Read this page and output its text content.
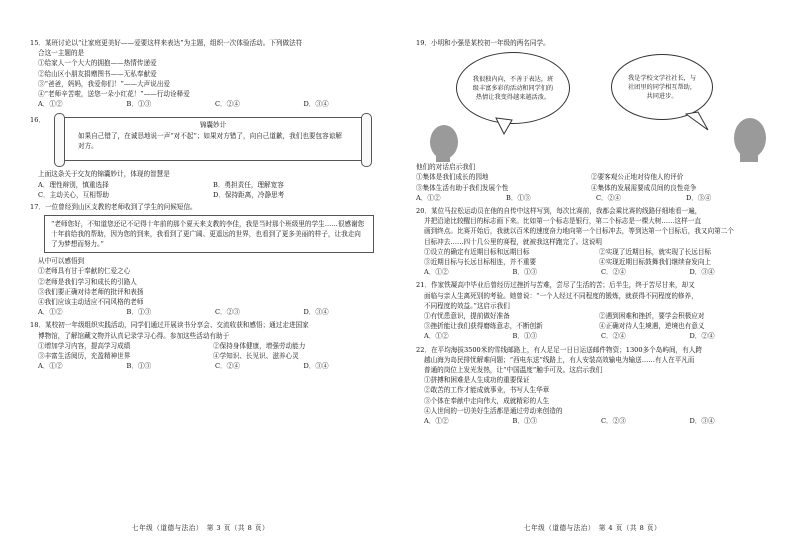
15．某班讨论以“让家庭更美好——爱要这样来表达”为主题，组织一次体验活动。下列做法符

合这一主题的是

①给家人一个大大的拥抱——热情传递爱

②给山区小朋友捐赠图书——无私奉献爱

③“爸爸，妈妈，我爱你们！”——大声说出爱

④“老师辛苦啦，送您一朵小红花！”——行动诠释爱

A．①②	B．①③	C．②④	D．③④
16．
锦囊妙计
如果自己错了，在诚恳地说一声“对不起”；如果对方错了，向自己道歉，我们也要包容谅解对方。

上面这条关于交友的锦囊妙计，体现的智慧是

A．理性辩别，慎重选择	B．勇担责任，理解宽容
C．主动关心，互相帮助	D．保持距离，冷静思考

17．一位曾经到山区支教的老师收到了学生的问候短信。

“老师您好，不知道您还记不记得十年前的那个夏天来支教的李佳，我是当时那个班级里的学生……很感谢您十年前给我的帮助，因为您的到来，我看到了更广阔、更遥远的世界，也看到了更多美丽的样子，让我走向了为梦想而努力。”

从中可以感悟到

①老师具有甘于奉献的仁爱之心

②老师是我们学习和成长的引路人

③我们要正确对待老师的批评和表扬

④我们应该主动适应不同风格的老师

A．①②	B．①③	C．②③	D．③④

18．某校初一年级组织实践活动，同学们通过开展读书分享会、交流收获和感悟；通过走进国家

博物馆，了解馆藏文物并认真记录学习心得。参加这些活动有助于

①增加学习内容，提高学习成绩	②保持身体健康，增强劳动能力
③丰富生活阅历，充盈精神世界	④学知识、长见识、滋养心灵
A．①②	B．①③	C．②④	D．③④
七年级（道德与法治）　第 3 页（共 8 页）

19．小明和小强是某校初一年级的两名同学。

我很独内向，不善于表达，班级丰富多彩的活动和同学们的热情让我变得越来越活泼。
我是学校文学社社长，与社团里的同学相互帮助，共同进步。

他们的对话启示我们

①集体是我们成长的园地	②要客观公正地对待他人的评价
③集体生活有助于我们发展个性	④集体的发展需要成员间的良性竞争
A．①②	B．①③	C．②④	D．③④

20．某位马拉松运动员在他的自传中这样写到，每次比赛前，我都会乘比赛的线路仔细地看一遍，

并把沿途比较醒目的标志画下来。比如第一个标志是银行，第二个标志是一棵大树……这样一直

画到终点。比赛开始后，我就以百米的速度奋力地向第一个目标冲去，等到达第一个目标后，我又向第二个

目标冲去……四十几公里的赛程，就被我这样跑完了。这说明

①设立的确定有近期目标和远期目标	②实现了近期目标，就实现了长远目标
③近期目标与长远目标相连，并不重要	④实现近期目标鼓舞我们继续奋发向上
A．①②	B．①③	C．②④	D．③④

21．作家铁凝高中毕业后曾经历过挫折与苦难，尝尽了生活的苦；后半生，终于苦尽甘来，却又

面临与亲人生离死别的考验。她曾说：“一个人经过不同程度的锻炼，就获得不同程度的修养，

不同程度的效益。”这启示我们

①有忧患意识，提前做好准备	②遇到困难和挫折，要学会积极应对
③挫折能让我们获得磨练意志，不断创新	④正确对待人生境遇，逆境也有意义
A．①②	B．①③	C．②④	D．②④

22．在平均海拔3500米的雪线邮路上，有人足足一日日运送邮件物资；1300多个岛屿间，有人跨

越山海为岛民排忧解难问题；“西电东送”线路上，有人安装高效输电为输送……有人在平凡而

普通的岗位上发光发热，让“中国温度”触手可及。这启示我们

①拼搏和困难是人生成功的重要保证

②敢苦的工作才能成就事业，书写人生华章

③个体在奉献中走向伟大，成就精彩的人生

④人世间的一切美好生活都是通过劳动来创造的

A．①②	B．①③	C．②③	D．③④
七年级（道德与法治）　第 4 页（共 8 页）
